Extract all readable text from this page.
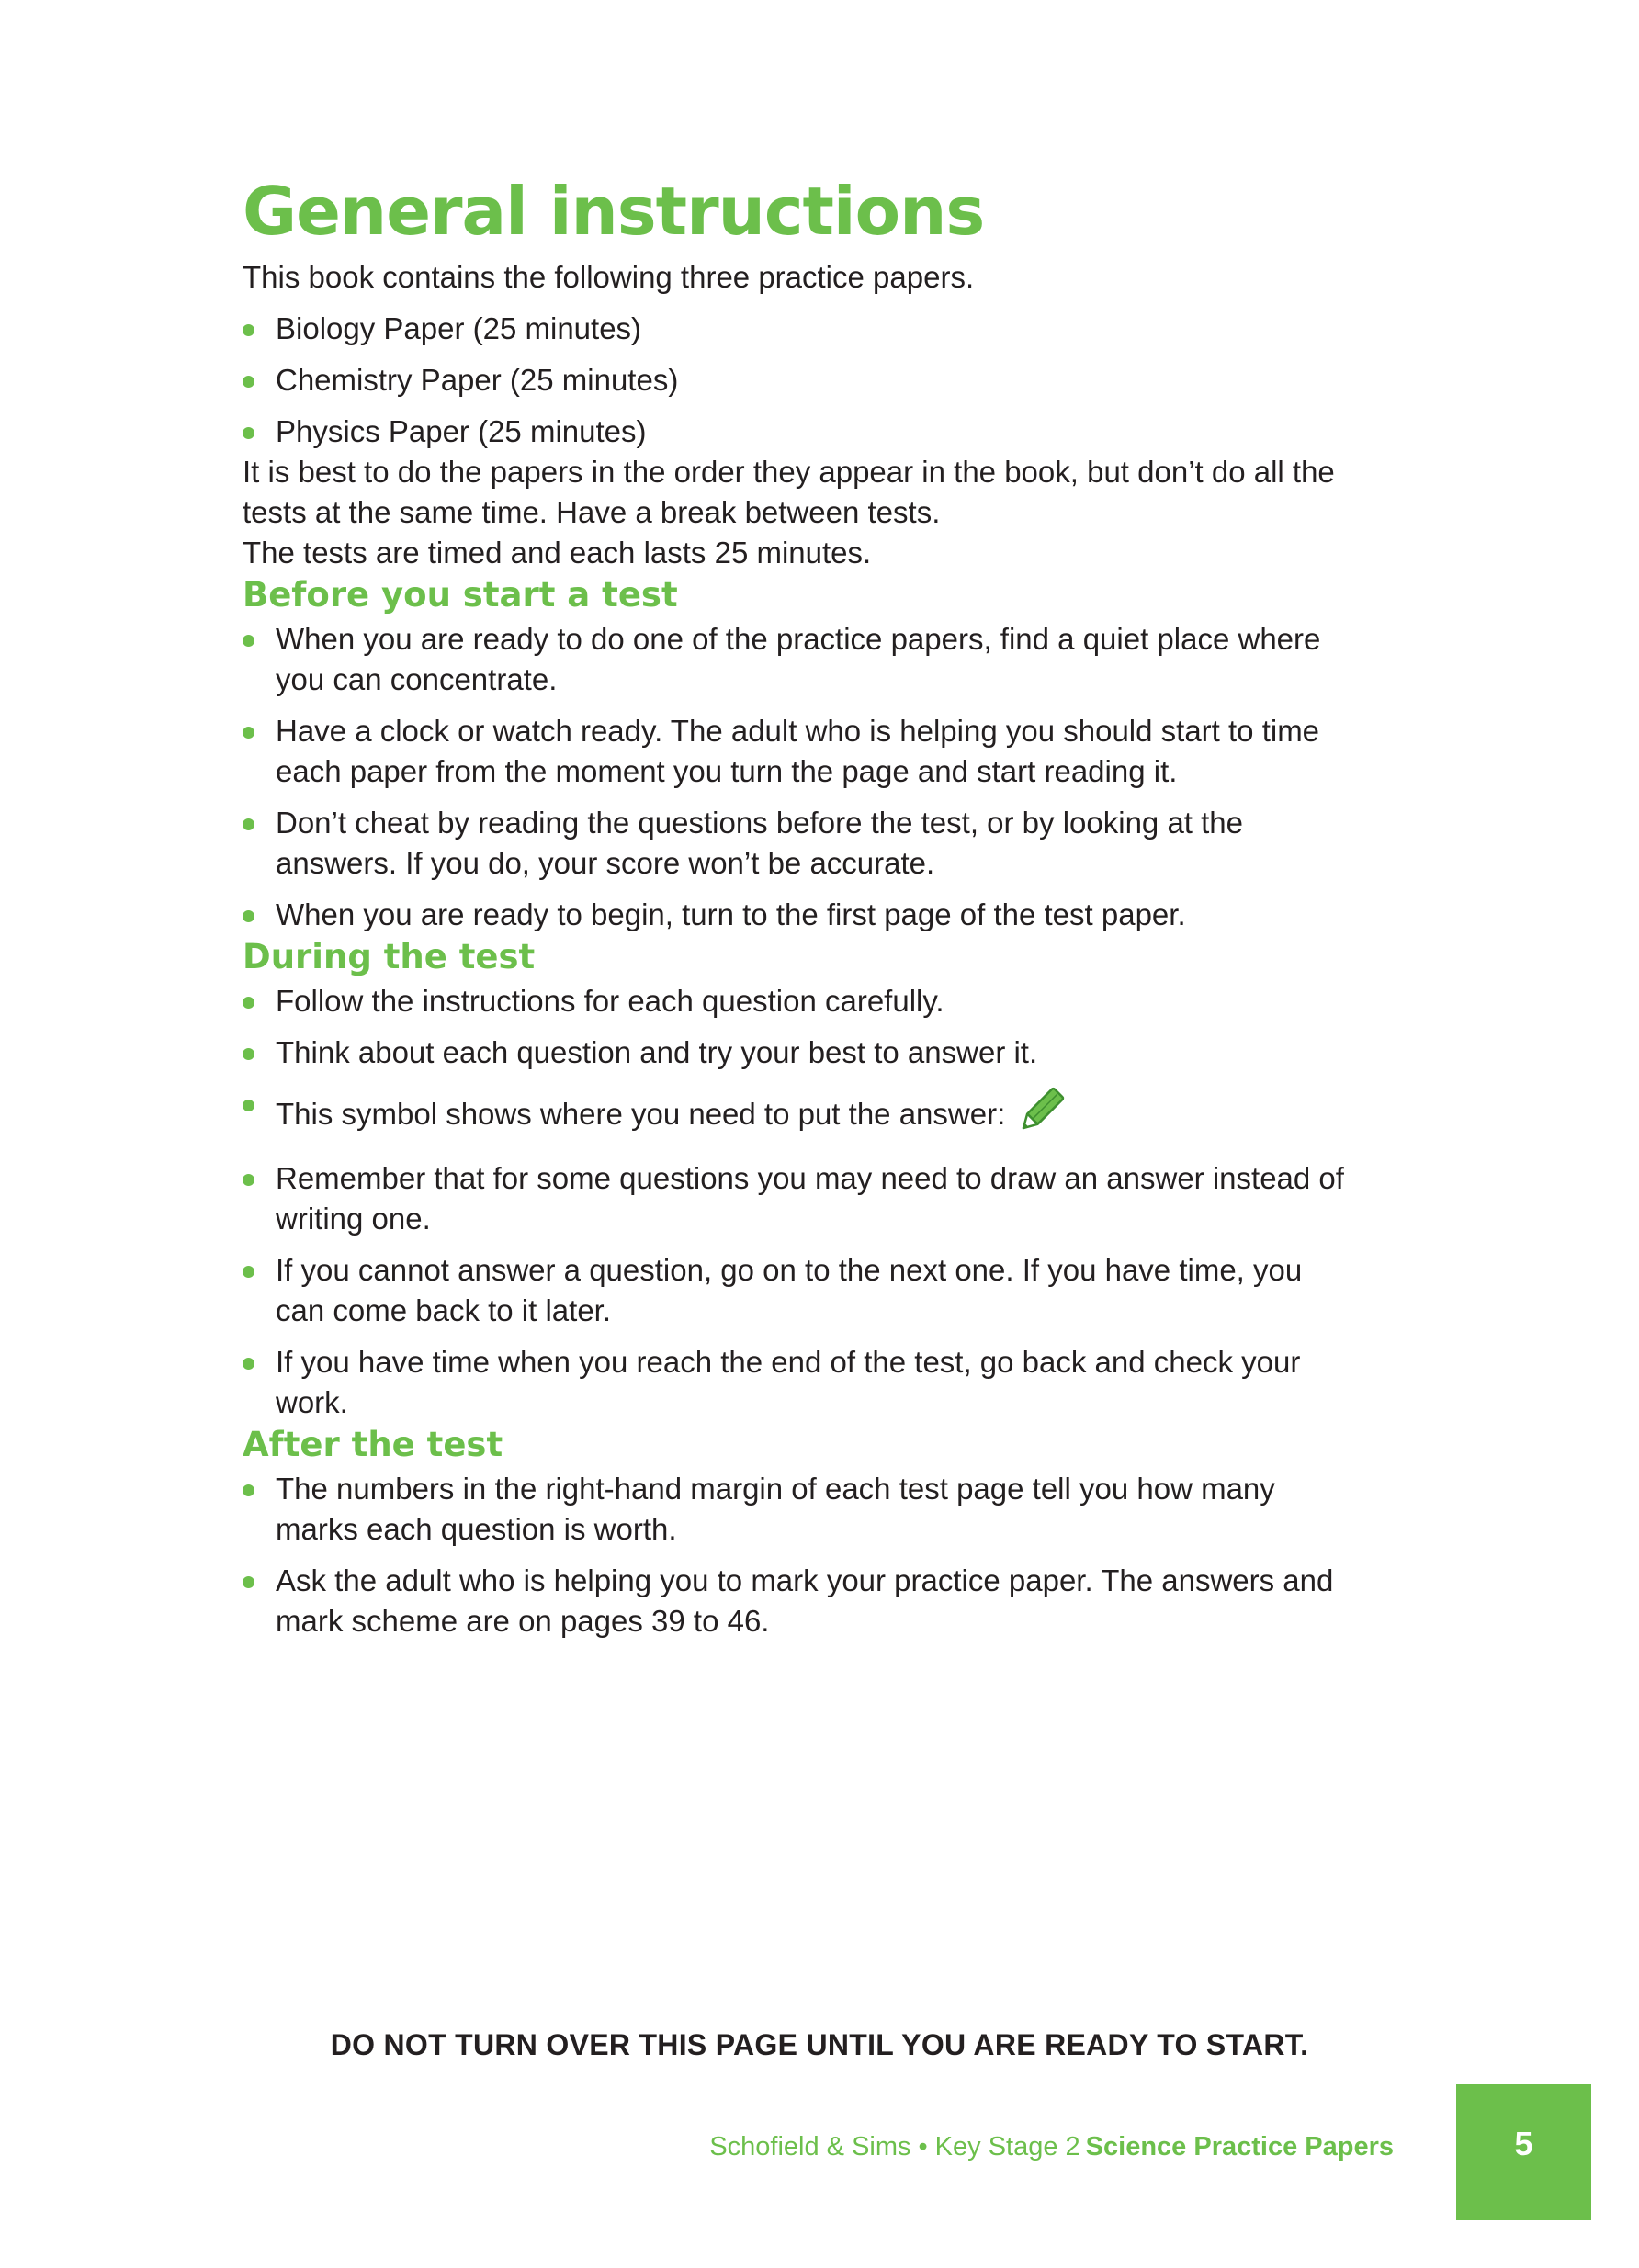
General instructions

This book contains the following three practice papers.

Biology Paper (25 minutes)
Chemistry Paper (25 minutes)
Physics Paper (25 minutes)

It is best to do the papers in the order they appear in the book, but don’t do all the tests at the same time. Have a break between tests.

The tests are timed and each lasts 25 minutes.

Before you start a test
When you are ready to do one of the practice papers, find a quiet place where you can concentrate.
Have a clock or watch ready. The adult who is helping you should start to time each paper from the moment you turn the page and start reading it.
Don’t cheat by reading the questions before the test, or by looking at the answers. If you do, your score won’t be accurate.
When you are ready to begin, turn to the first page of the test paper.
During the test
Follow the instructions for each question carefully.
Think about each question and try your best to answer it.
This symbol shows where you need to put the answer:
Remember that for some questions you may need to draw an answer instead of writing one.
If you cannot answer a question, go on to the next one. If you have time, you can come back to it later.
If you have time when you reach the end of the test, go back and check your work.
After the test
The numbers in the right-hand margin of each test page tell you how many marks each question is worth.
Ask the adult who is helping you to mark your practice paper. The answers and mark scheme are on pages 39 to 46.
DO NOT TURN OVER THIS PAGE UNTIL YOU ARE READY TO START.
Schofield & Sims • Key Stage 2 Science Practice Papers	5
